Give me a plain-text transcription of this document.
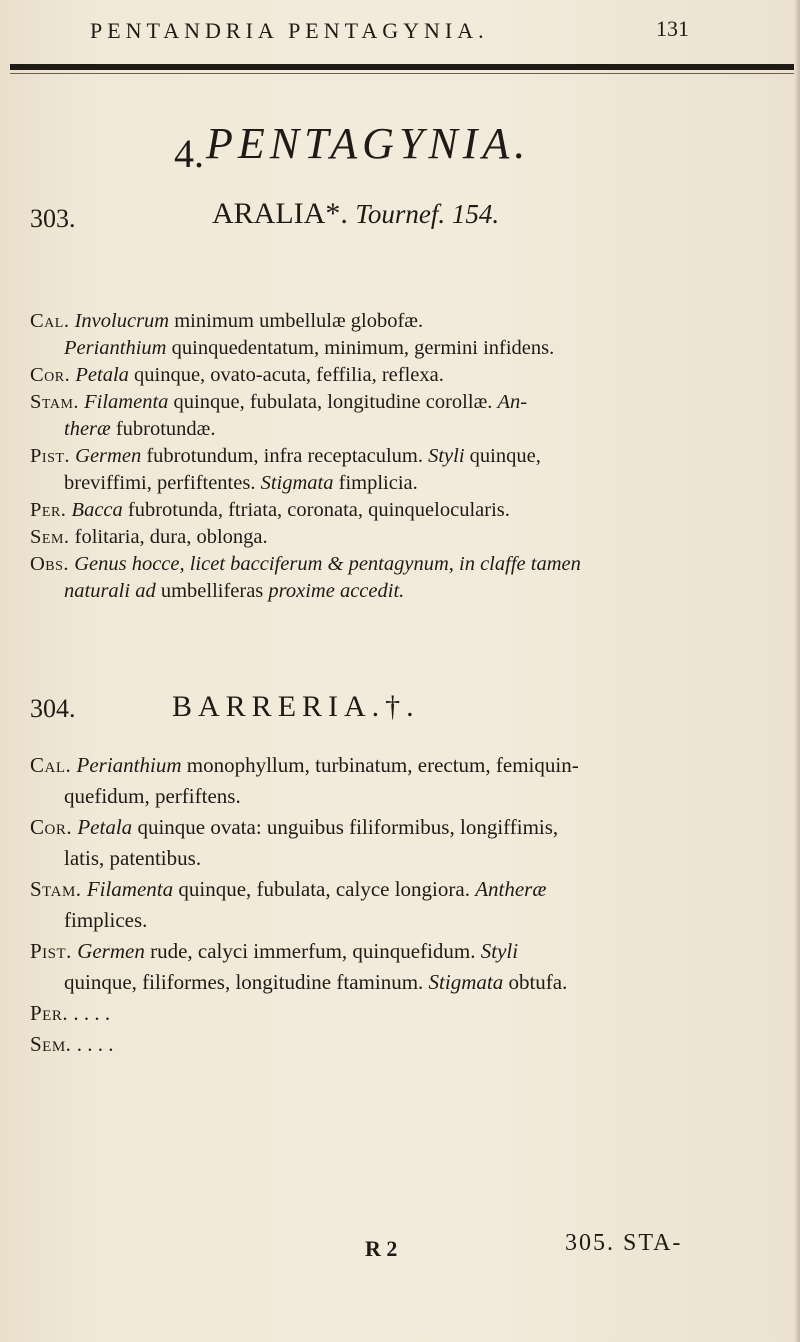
PENTANDRIA PENTAGYNIA.	131
4. PENTAGYNIA.
303.	ARALIA*. Tournef. 154.
Cal. Involucrum minimum umbellulæ globofæ.
Perianthium quinquedentatum, minimum, germini infidens.
Cor. Petala quinque, ovato-acuta, feffilia, reflexa.
Stam. Filamenta quinque, fubulata, longitudine corollæ. An-
theræ fubrotundæ.
Pist. Germen fubrotundum, infra receptaculum. Styli quinque,
breviffimi, perfiftentes. Stigmata fimplicia.
Per. Bacca fubrotunda, ftriata, coronata, quinquelocularis.
Sem. folitaria, dura, oblonga.
Obs. Genus hocce, licet bacciferum & pentagynum, in claffe tamen
naturali ad umbelliferas proxime accedit.
304.	BARRERIA.†.
Cal. Perianthium monophyllum, turbinatum, erectum, femiquin-
quefidum, perfiftens.
Cor. Petala quinque ovata: unguibus filiformibus, longiffimis,
latis, patentibus.
Stam. Filamenta quinque, fubulata, calyce longiora. Antheræ
fimplices.
Pist. Germen rude, calyci immerfum, quinquefidum. Styli
quinque, filiformes, longitudine ftaminum. Stigmata obtufa.
Per. . . . .
Sem. . . . .
R 2	305. STA-
